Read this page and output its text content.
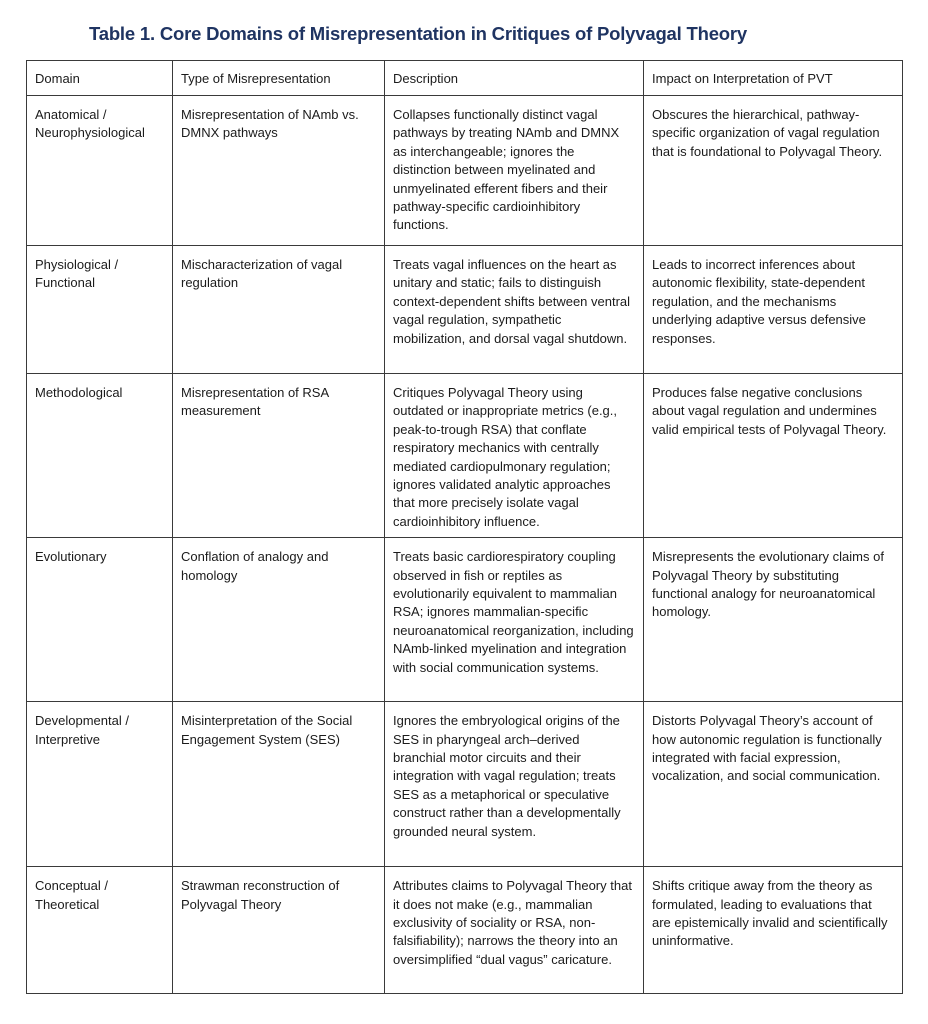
Table 1. Core Domains of Misrepresentation in Critiques of Polyvagal Theory
Domain	Type of Misrepresentation	Description	Impact on Interpretation of PVT
Anatomical / Neurophysiological	Misrepresentation of NAmb vs. DMNX pathways	Collapses functionally distinct vagal pathways by treating NAmb and DMNX as interchangeable; ignores the distinction between myelinated and unmyelinated efferent fibers and their pathway-specific cardioinhibitory functions.	Obscures the hierarchical, pathway-specific organization of vagal regulation that is foundational to Polyvagal Theory.
Physiological / Functional	Mischaracterization of vagal regulation	Treats vagal influences on the heart as unitary and static; fails to distinguish context-dependent shifts between ventral vagal regulation, sympathetic mobilization, and dorsal vagal shutdown.	Leads to incorrect inferences about autonomic flexibility, state-dependent regulation, and the mechanisms underlying adaptive versus defensive responses.
Methodological	Misrepresentation of RSA measurement	Critiques Polyvagal Theory using outdated or inappropriate metrics (e.g., peak-to-trough RSA) that conflate respiratory mechanics with centrally mediated cardiopulmonary regulation; ignores validated analytic approaches that more precisely isolate vagal cardioinhibitory influence.	Produces false negative conclusions about vagal regulation and undermines valid empirical tests of Polyvagal Theory.
Evolutionary	Conflation of analogy and homology	Treats basic cardiorespiratory coupling observed in fish or reptiles as evolutionarily equivalent to mammalian RSA; ignores mammalian-specific neuroanatomical reorganization, including NAmb-linked myelination and integration with social communication systems.	Misrepresents the evolutionary claims of Polyvagal Theory by substituting functional analogy for neuroanatomical homology.
Developmental / Interpretive	Misinterpretation of the Social Engagement System (SES)	Ignores the embryological origins of the SES in pharyngeal arch–derived branchial motor circuits and their integration with vagal regulation; treats SES as a metaphorical or speculative construct rather than a developmentally grounded neural system.	Distorts Polyvagal Theory’s account of how autonomic regulation is functionally integrated with facial expression, vocalization, and social communication.
Conceptual / Theoretical	Strawman reconstruction of Polyvagal Theory	Attributes claims to Polyvagal Theory that it does not make (e.g., mammalian exclusivity of sociality or RSA, non-falsifiability); narrows the theory into an oversimplified “dual vagus” caricature.	Shifts critique away from the theory as formulated, leading to evaluations that are epistemically invalid and scientifically uninformative.
